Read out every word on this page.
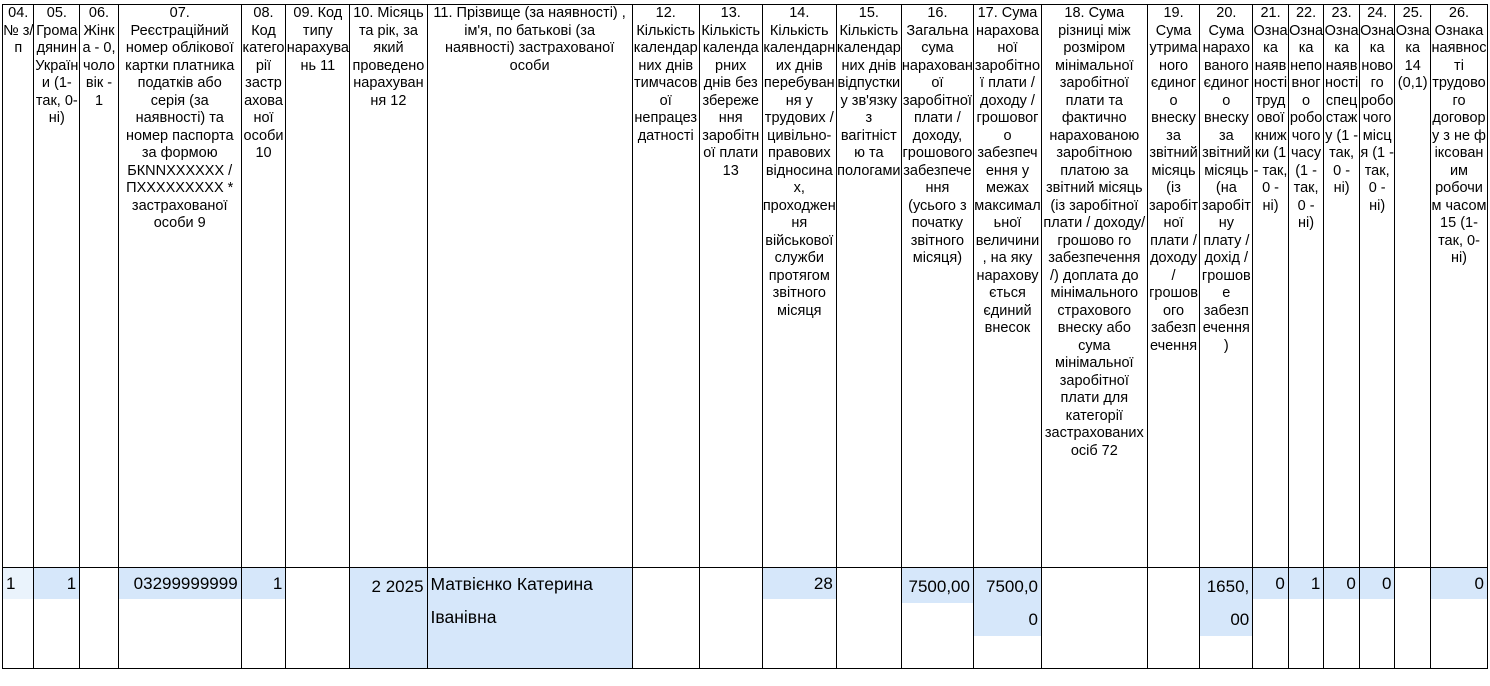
04. № з/п	05. Громадянин України (1-так, 0-ні)	06. Жінка - 0, чоловік - 1	07. Реєстраційний номер облікової картки платника податків або серія (за наявності) та номер паспорта за формою БКNNXXXXXX / ПХХХХХХХХХ * застрахованої особи 9	08. Код категорії застрахованої особи 10	09. Код типу нарахувань 11	10. Місяць та рік, за який проведено нарахування 12	11. Прізвище (за наявності) , ім'я, по батькові (за наявності) застрахованої особи	12. Кількість календарних днів тимчасової непрацездатності	13. Кількість календарних днів без збереження заробітної плати 13	14. Кількість календарних днів перебування у трудових / цивільно-правових відносинах, проходження військової служби протягом звітного місяця	15. Кількість календарних днів відпустки у зв'язку з вагітністю та пологами	16. Загальна сума нарахованої заробітної плати / доходу, грошового забезпечення (усього з початку звітного місяця)	17. Сума нарахованої заробітної плати / доходу / грошового забезпечення у межах максимальної величини, на яку нараховується єдиний внесок	18. Сума різниці між розміром мінімальної заробітної плати та фактично нарахованою заробітною платою за звітний місяць (із заробітної плати / доходу/ грошово го забезпечення /) доплата до мінімального страхового внеску або сума мінімальної заробітної плати для категорії застрахованих осіб 72	19. Сума утриманого єдиного внеску за звітний місяць (із заробітної плати / доходу / грошового забезпечення	20. Сума нарахованого єдиного внеску за звітний місяць (на заробітну плату / дохід / грошове забезпечення)	21. Ознака наявності трудової книжки (1 - так, 0 - ні)	22. Ознака неповного робочого часу (1 - так, 0 - ні)	23. Ознака наявності спец стажу (1 - так, 0 - ні)	24. Ознака нового робочого місця (1 - так, 0 - ні)	25. Ознака 14 (0,1)	26. Ознака наявності трудового договору з не ф іксованим робочим часом 15 (1-так, 0-ні)

1	1		03299999999	1		2 2025	Матвієнко Катерина Іванівна			28		7500,00	7500,00			1650,00	0	1	0	0		0
